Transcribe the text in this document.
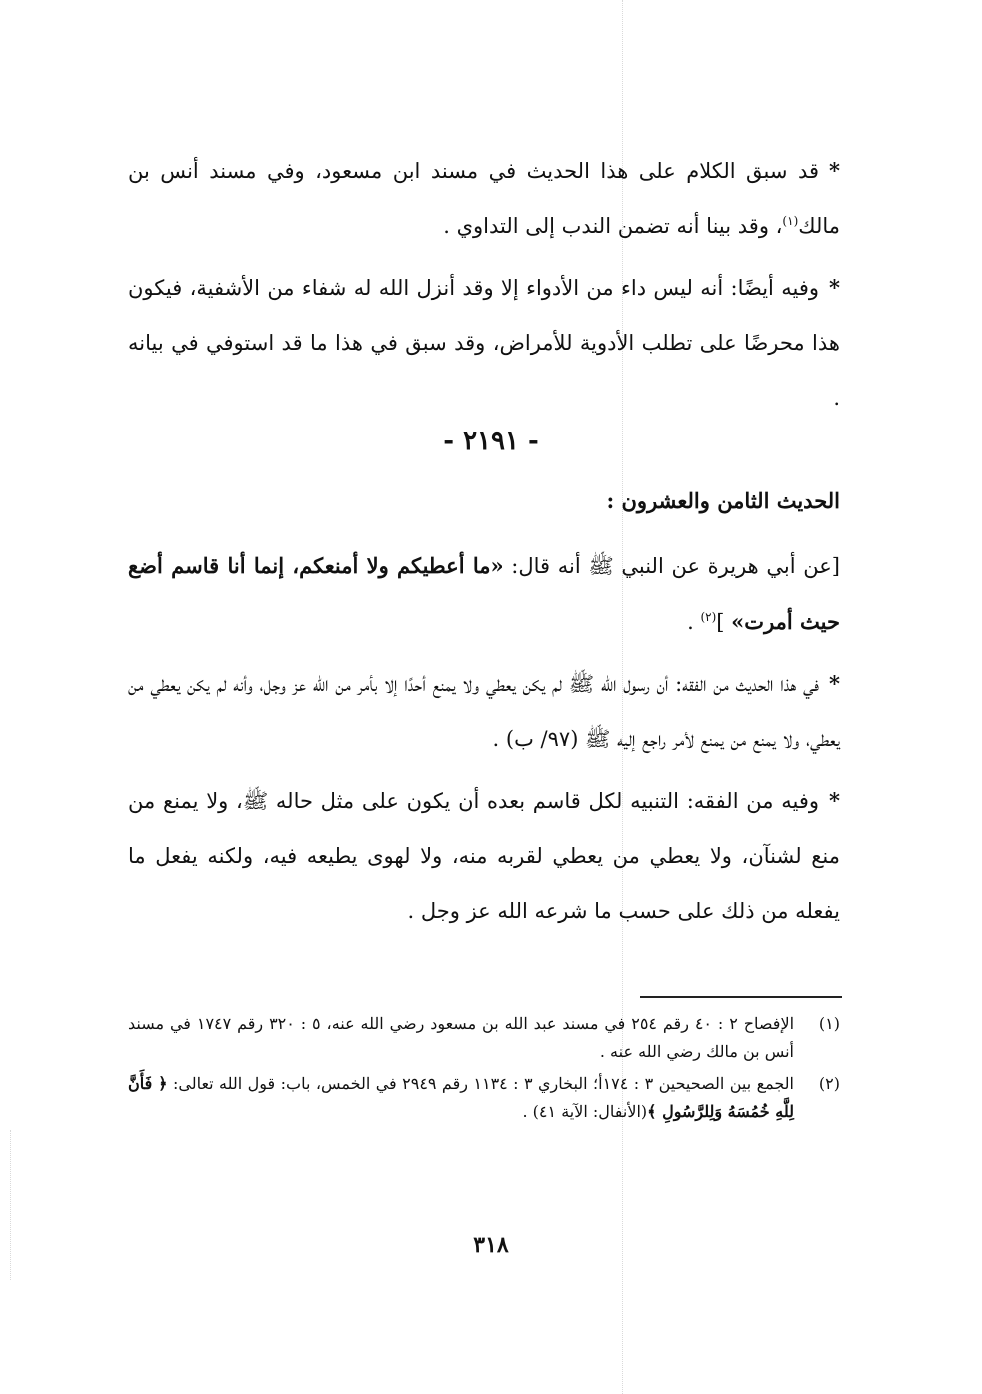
*قد سبق الكلام على هذا الحديث في مسند ابن مسعود، وفي مسند أنس بن مالك$^{(١)}$، وقد بينا أنه تضمن الندب إلى التداوي .

*وفيه أيضًا: أنه ليس داء من الأدواء إلا وقد أنزل الله له شفاء من الأشفية، فيكون هذا محرضًا على تطلب الأدوية للأمراض، وقد سبق في هذا ما قد استوفي في بيانه .

- ٢١٩١ -
الحديث الثامن والعشرون :

[عن أبي هريرة عن النبي ﷺ أنه قال: «ما أعطيكم ولا أمنعكم، إنما أنا قاسم أضع حيث أمرت» ]$^{(٢)}$ .

*في هذا الحديث من الفقه: أن رسول الله ﷺ لم يكن يعطي ولا يمنع أحدًا إلا بأمر من الله عز وجل، وأنه لم يكن يعطي من يعطي، ولا يمنع من يمنع لأمر راجع إليه ﷺ (٩٧/ ب) .

*وفيه من الفقه: التنبيه لكل قاسم بعده أن يكون على مثل حاله ﷺ، ولا يمنع من منع لشنآن، ولا يعطي من يعطي لقربه منه، ولا لهوى يطيعه فيه، ولكنه يفعل ما يفعله من ذلك على حسب ما شرعه الله عز وجل .

(١)
الإفصاح ٢ : ٤٠ رقم ٢٥٤ في مسند عبد الله بن مسعود رضي الله عنه، ٥ : ٣٢٠ رقم ١٧٤٧ في مسند أنس بن مالك رضي الله عنه .

(٢)
الجمع بين الصحيحين ٣ : ١٧٤أ؛ البخاري ٣ : ١١٣٤ رقم ٢٩٤٩ في الخمس، باب: قول الله تعالى: ﴿ فَأَنَّ لِلَّهِ خُمُسَهُ وَلِلرَّسُولِ ﴾(الأنفال: الآية ٤١) .

٣١٨
